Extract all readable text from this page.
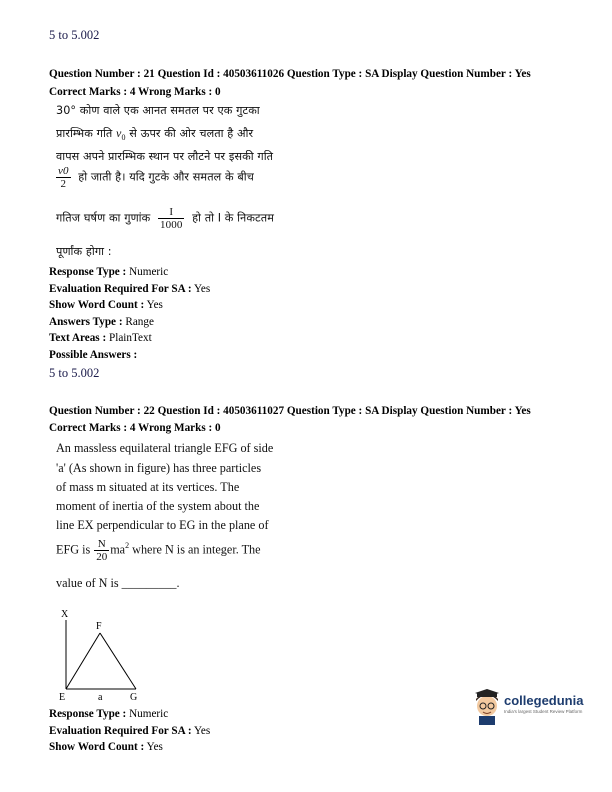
5 to 5.002
Question Number : 21 Question Id : 40503611026 Question Type : SA Display Question Number : Yes
Correct Marks : 4 Wrong Marks : 0
30° कोण वाले एक आनत समतल पर एक गुटका
प्रारम्भिक गति $v_0$ से ऊपर की ओर चलता है और
वापस अपने प्रारम्भिक स्थान पर लौटने पर इसकी गति
$\frac{v0}{2}$ हो जाती है। यदि गुटके और समतल के बीच
गतिज घर्षण का गुणांक $\frac{I}{1000}$ हो तो I के निकटतम
पूर्णांक होगा :
Response Type : Numeric
Evaluation Required For SA : Yes
Show Word Count : Yes
Answers Type : Range
Text Areas : PlainText
Possible Answers :
5 to 5.002
Question Number : 22 Question Id : 40503611027 Question Type : SA Display Question Number : Yes
Correct Marks : 4 Wrong Marks : 0
An massless equilateral triangle EFG of side
'a' (As shown in figure) has three particles
of mass m situated at its vertices. The
moment of inertia of the system about the
line EX perpendicular to EG in the plane of
EFG is $\frac{N}{20} ma^2$ where N is an integer. The
value of N is _________.
X
F
E	a	G
Response Type : Numeric
Evaluation Required For SA : Yes
Show Word Count : Yes
collegedunia
India's largest Student Review Platform
